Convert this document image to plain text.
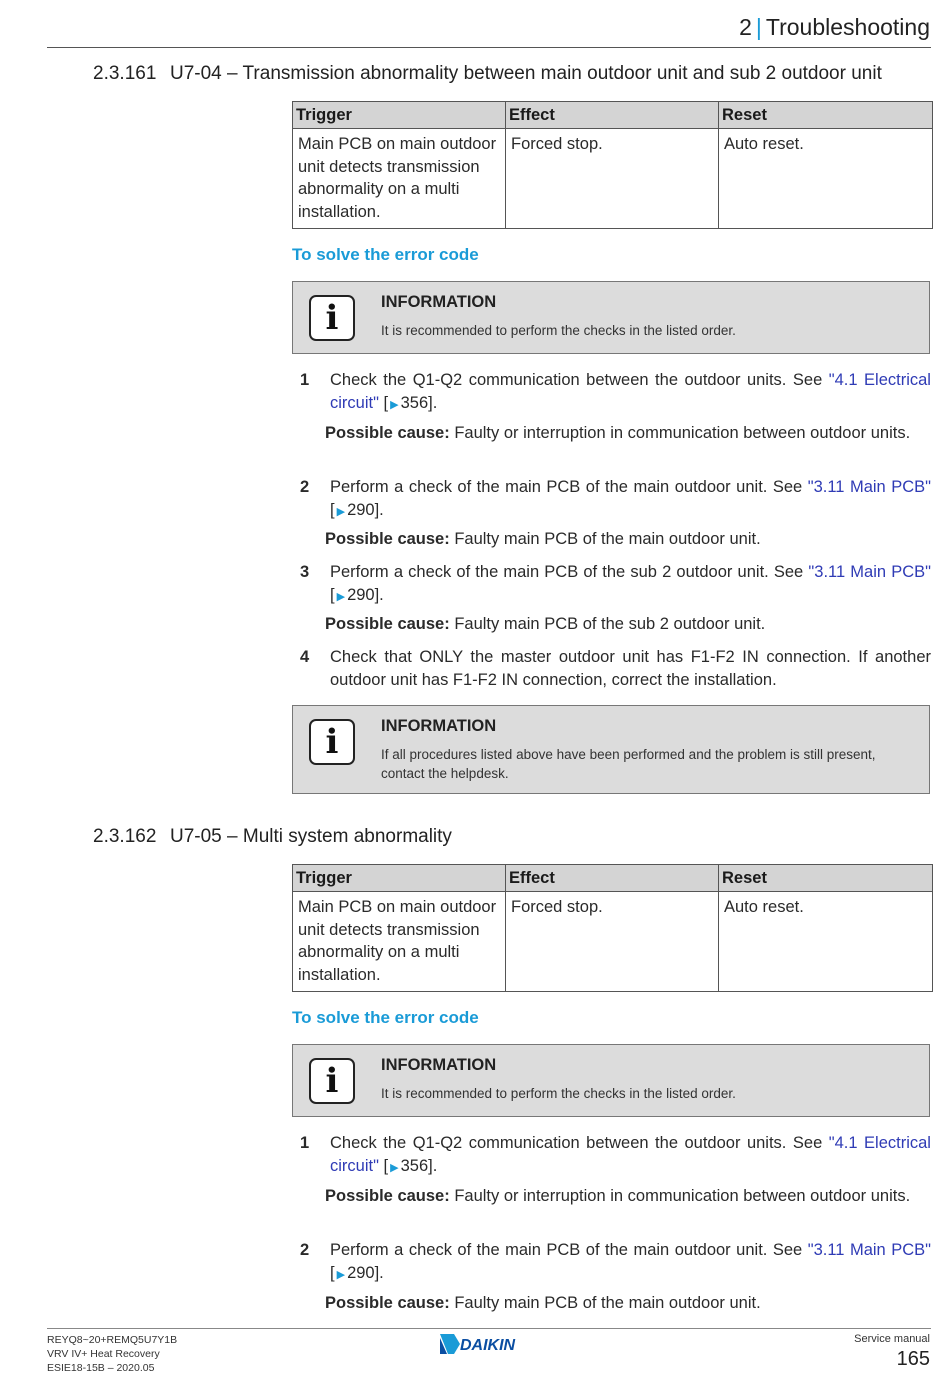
2 | Troubleshooting
2.3.161 U7-04 – Transmission abnormality between main outdoor unit and sub 2 outdoor unit
Trigger	Effect	Reset
Main PCB on main outdoor unit detects transmission abnormality on a multi installation.	Forced stop.	Auto reset.
To solve the error code
i	INFORMATION
It is recommended to perform the checks in the listed order.
1 Check the Q1-Q2 communication between the outdoor units. See "4.1 Electrical circuit" [ ▶ 356].
Possible cause: Faulty or interruption in communication between outdoor units.
2 Perform a check of the main PCB of the main outdoor unit. See "3.11 Main PCB" [ ▶ 290].
Possible cause: Faulty main PCB of the main outdoor unit.
3 Perform a check of the main PCB of the sub 2 outdoor unit. See "3.11 Main PCB" [ ▶ 290].
Possible cause: Faulty main PCB of the sub 2 outdoor unit.
4 Check that ONLY the master outdoor unit has F1-F2 IN connection. If another outdoor unit has F1-F2 IN connection, correct the installation.
i	INFORMATION
If all procedures listed above have been performed and the problem is still present, contact the helpdesk.
2.3.162 U7-05 – Multi system abnormality
Trigger	Effect	Reset
Main PCB on main outdoor unit detects transmission abnormality on a multi installation.	Forced stop.	Auto reset.
To solve the error code
i	INFORMATION
It is recommended to perform the checks in the listed order.
1 Check the Q1-Q2 communication between the outdoor units. See "4.1 Electrical circuit" [ ▶ 356].
Possible cause: Faulty or interruption in communication between outdoor units.
2 Perform a check of the main PCB of the main outdoor unit. See "3.11 Main PCB" [ ▶ 290].
Possible cause: Faulty main PCB of the main outdoor unit.
REYQ8~20+REMQ5U7Y1B
VRV IV+ Heat Recovery
ESIE18-15B – 2020.05
DAIKIN	Service manual
165
